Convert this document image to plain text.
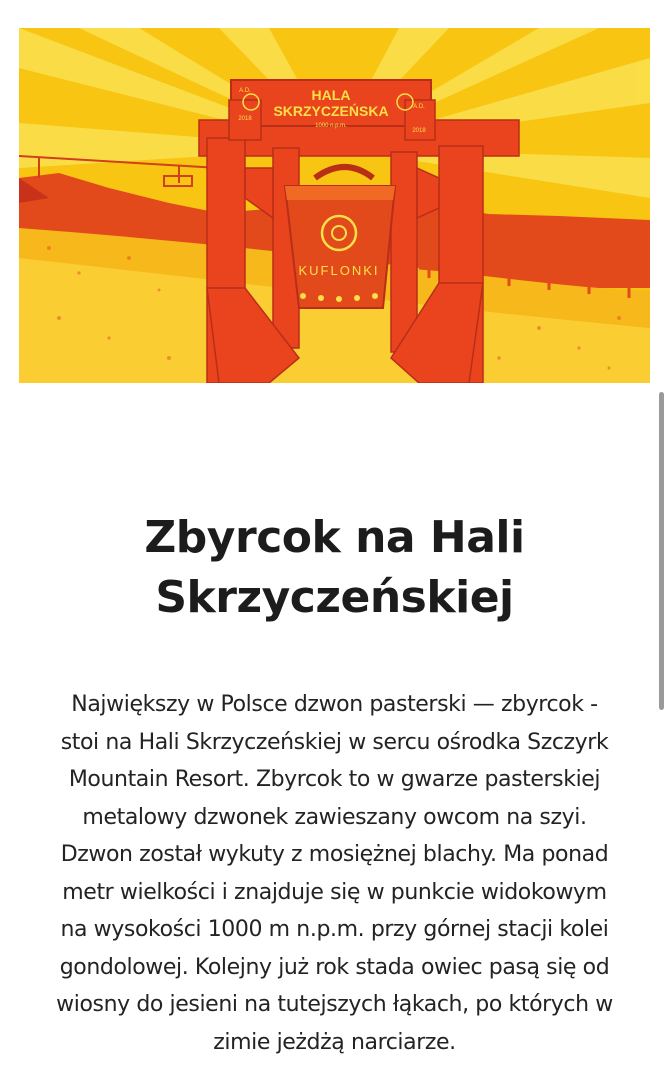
HALA
SKRZYCZEŃSKA
1000 n.p.m.
A.D.
2018
A.D.
2018
KUFLONKI
Zbyrcok na Hali
Skrzyczeńskiej
Największy w Polsce dzwon pasterski — zbyrcok -
stoi na Hali Skrzyczeńskiej w sercu ośrodka Szczyrk
Mountain Resort. Zbyrcok to w gwarze pasterskiej
metalowy dzwonek zawieszany owcom na szyi.
Dzwon został wykuty z mosiężnej blachy. Ma ponad
metr wielkości i znajduje się w punkcie widokowym
na wysokości 1000 m n.p.m. przy górnej stacji kolei
gondolowej. Kolejny już rok stada owiec pasą się od
wiosny do jesieni na tutejszych łąkach, po których w
zimie jeżdżą narciarze.
